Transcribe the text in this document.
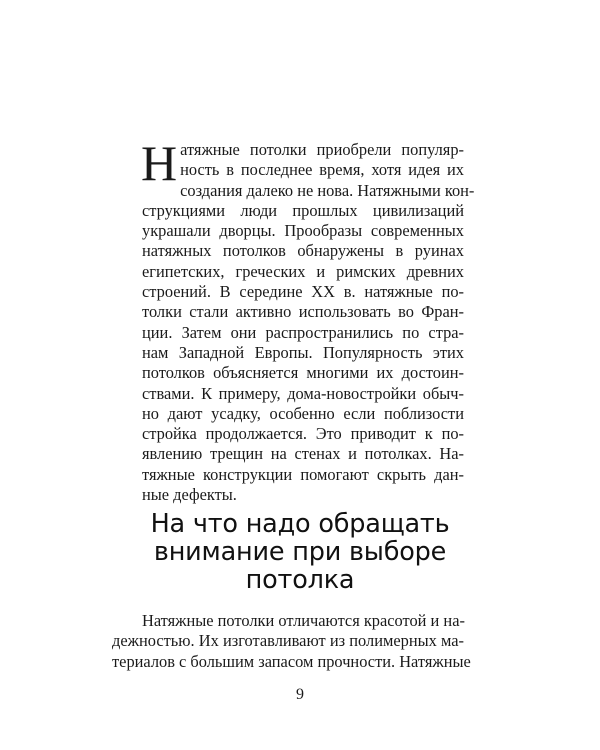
Н атяжные потолки приобрели популяр-
ность в последнее время, хотя идея их
создания далеко не нова. Натяжными кон-
струкциями люди прошлых цивилизаций
украшали дворцы. Прообразы современных
натяжных потолков обнаружены в руинах
египетских, греческих и римских древних
строений. В середине XX в. натяжные по-
толки стали активно использовать во Фран-
ции. Затем они распространились по стра-
нам Западной Европы. Популярность этих
потолков объясняется многими их достоин-
ствами. К примеру, дома-новостройки обыч-
но дают усадку, особенно если поблизости
стройка продолжается. Это приводит к по-
явлению трещин на стенах и потолках. На-
тяжные конструкции помогают скрыть дан-
ные дефекты.
На что надо обращать
внимание при выборе
потолка
Натяжные потолки отличаются красотой и на-
дежностью. Их изготавливают из полимерных ма-
териалов с большим запасом прочности. Натяжные
9
